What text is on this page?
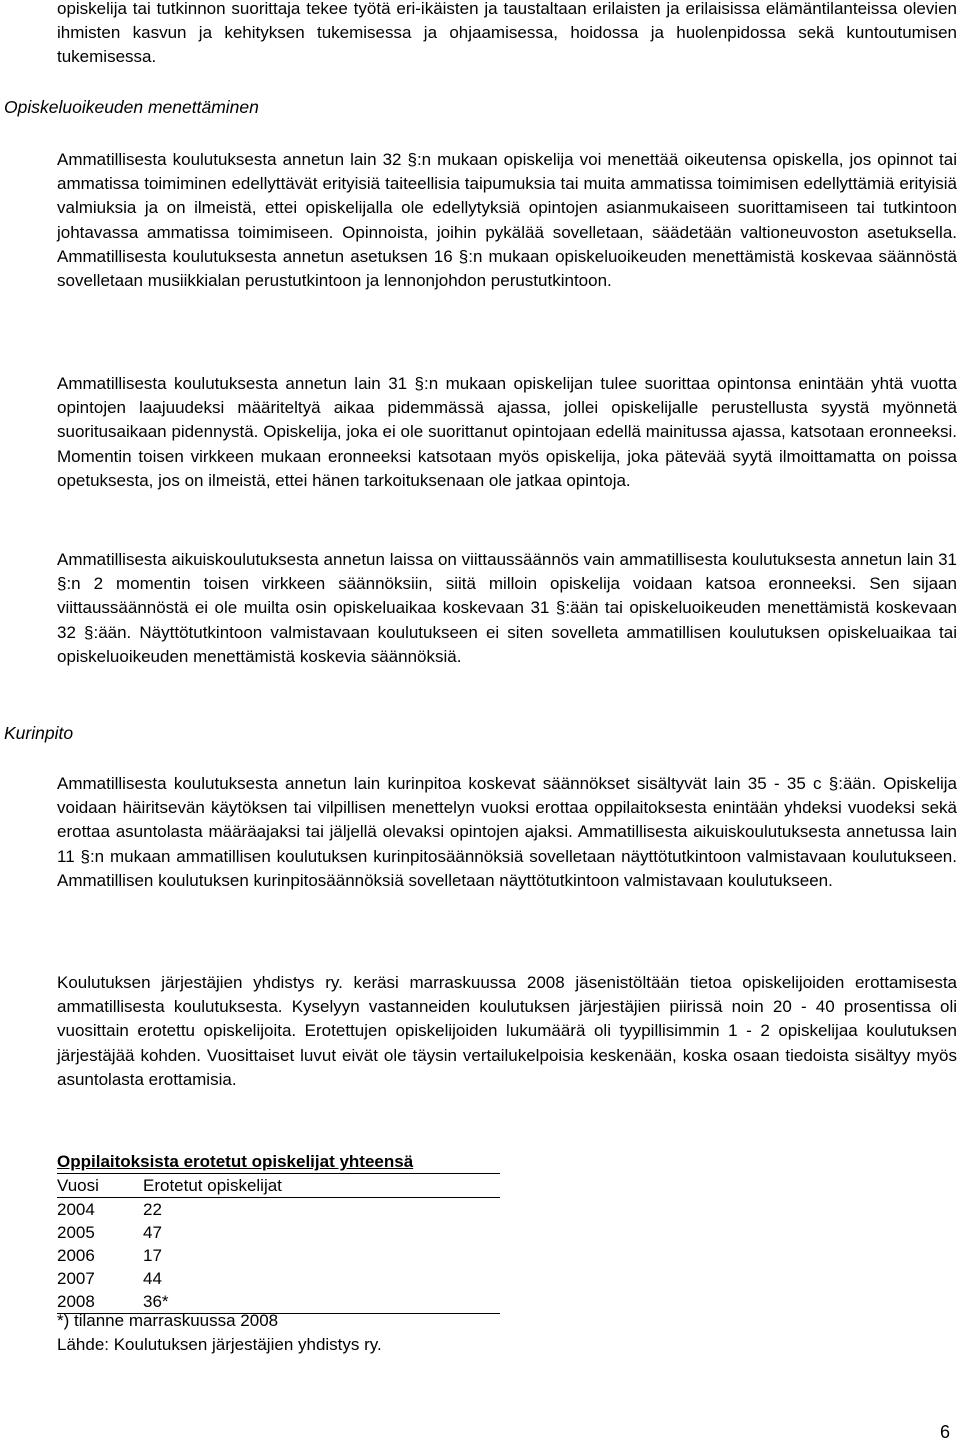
opiskelija tai tutkinnon suorittaja tekee työtä eri-ikäisten ja taustaltaan erilaisten ja erilaisissa elämäntilanteissa olevien ihmisten kasvun ja kehityksen tukemisessa ja ohjaamisessa, hoidossa ja huolenpidossa sekä kuntoutumisen tukemisessa.

Opiskeluoikeuden menettäminen

Ammatillisesta koulutuksesta annetun lain 32 §:n mukaan opiskelija voi menettää oikeutensa opiskella, jos opinnot tai ammatissa toimiminen edellyttävät erityisiä taiteellisia taipumuksia tai muita ammatissa toimimisen edellyttämiä erityisiä valmiuksia ja on ilmeistä, ettei opiskelijalla ole edellytyksiä opintojen asianmukaiseen suorittamiseen tai tutkintoon johtavassa ammatissa toimimiseen. Opinnoista, joihin pykälää sovelletaan, säädetään valtioneuvoston asetuksella. Ammatillisesta koulutuksesta annetun asetuksen 16 §:n mukaan opiskeluoikeuden menettämistä koskevaa säännöstä sovelletaan musiikkialan perustutkintoon ja lennonjohdon perustutkintoon.

Ammatillisesta koulutuksesta annetun lain 31 §:n mukaan opiskelijan tulee suorittaa opintonsa enintään yhtä vuotta opintojen laajuudeksi määriteltyä aikaa pidemmässä ajassa, jollei opiskelijalle perustellusta syystä myönnetä suoritusaikaan pidennystä. Opiskelija, joka ei ole suorittanut opintojaan edellä mainitussa ajassa, katsotaan eronneeksi. Momentin toisen virkkeen mukaan eronneeksi katsotaan myös opiskelija, joka pätevää syytä ilmoittamatta on poissa opetuksesta, jos on ilmeistä, ettei hänen tarkoituksenaan ole jatkaa opintoja.

Ammatillisesta aikuiskoulutuksesta annetun laissa on viittaussäännös vain ammatillisesta koulutuksesta annetun lain 31 §:n 2 momentin toisen virkkeen säännöksiin, siitä milloin opiskelija voidaan katsoa eronneeksi. Sen sijaan viittaussäännöstä ei ole muilta osin opiskeluaikaa koskevaan 31 §:ään tai opiskeluoikeuden menettämistä koskevaan 32 §:ään. Näyttötutkintoon valmistavaan koulutukseen ei siten sovelleta ammatillisen koulutuksen opiskeluaikaa tai opiskeluoikeuden menettämistä koskevia säännöksiä.

Kurinpito

Ammatillisesta koulutuksesta annetun lain kurinpitoa koskevat säännökset sisältyvät lain 35 - 35 c §:ään. Opiskelija voidaan häiritsevän käytöksen tai vilpillisen menettelyn vuoksi erottaa oppilaitoksesta enintään yhdeksi vuodeksi sekä erottaa asuntolasta määräajaksi tai jäljellä olevaksi opintojen ajaksi. Ammatillisesta aikuiskoulutuksesta annetussa lain 11 §:n mukaan ammatillisen koulutuksen kurinpitosäännöksiä sovelletaan näyttötutkintoon valmistavaan koulutukseen. Ammatillisen koulutuksen kurinpitosäännöksiä sovelletaan näyttötutkintoon valmistavaan koulutukseen.

Koulutuksen järjestäjien yhdistys ry. keräsi marraskuussa 2008 jäsenistöltään tietoa opiskelijoiden erottamisesta ammatillisesta koulutuksesta. Kyselyyn vastanneiden koulutuksen järjestäjien piirissä noin 20 - 40 prosentissa oli vuosittain erotettu opiskelijoita. Erotettujen opiskelijoiden lukumäärä oli tyypillisimmin 1 - 2 opiskelijaa koulutuksen järjestäjää kohden. Vuosittaiset luvut eivät ole täysin vertailukelpoisia keskenään, koska osaan tiedoista sisältyy myös asuntolasta erottamisia.

Oppilaitoksista erotetut opiskelijat yhteensä	
Vuosi	Erotetut opiskelijat
2004	22
2005	47
2006	17
2007	44
2008	36*

*) tilanne marraskuussa 2008

Lähde: Koulutuksen järjestäjien yhdistys ry.

6
